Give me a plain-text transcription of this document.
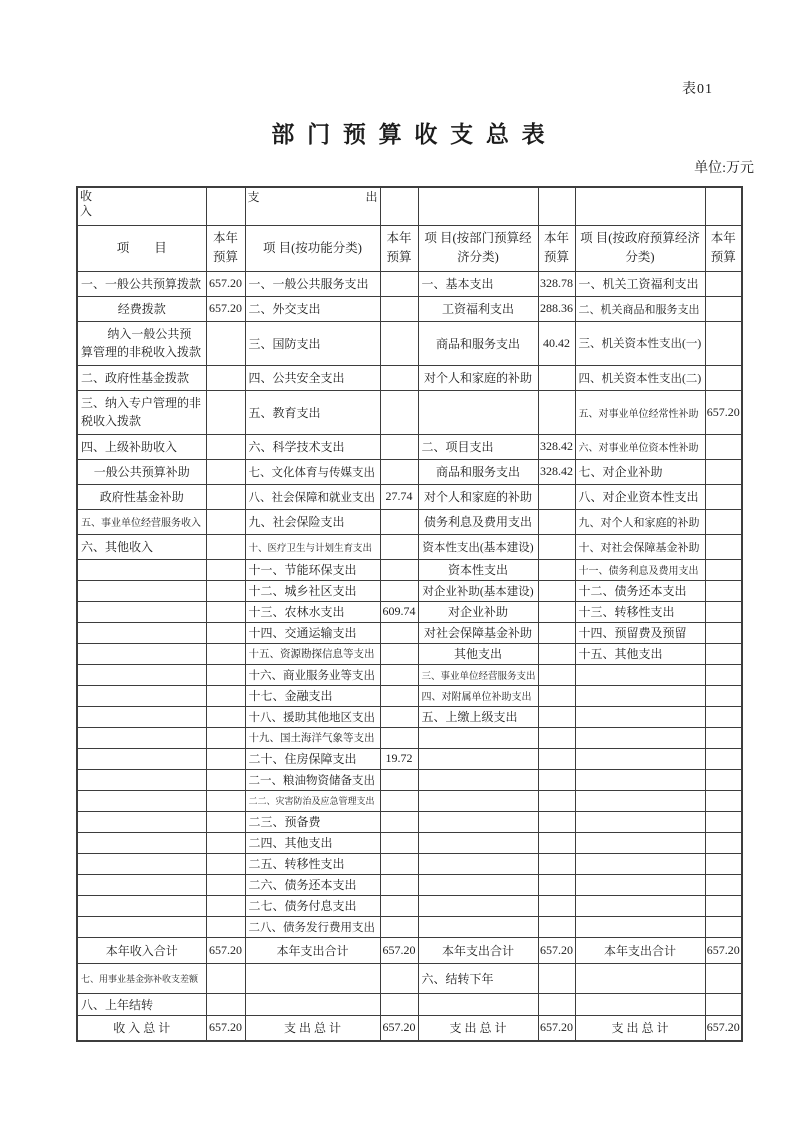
表01
部 门 预 算 收 支 总 表
单位:万元
收入		支出					
项　　目	本年预算	项 目(按功能分类)	本年预算	项 目(按部门预算经济分类)	本年预算	项 目(按政府预算经济分类)	本年预算
一、一般公共预算拨款	657.20	一、一般公共服务支出		一、基本支出	328.78	一、机关工资福利支出	
经费拨款	657.20	二、外交支出		工资福利支出	288.36	二、机关商品和服务支出	
纳入一般公共预算管理的非税收入拨款		三、国防支出		商品和服务支出	40.42	三、机关资本性支出(一)	
二、政府性基金拨款		四、公共安全支出		对个人和家庭的补助		四、机关资本性支出(二)	
三、纳入专户管理的非税收入拨款		五、教育支出				五、对事业单位经常性补助	657.20
四、上级补助收入		六、科学技术支出		二、项目支出	328.42	六、对事业单位资本性补助	
一般公共预算补助		七、文化体育与传媒支出		商品和服务支出	328.42	七、对企业补助	
政府性基金补助		八、社会保障和就业支出	27.74	对个人和家庭的补助		八、对企业资本性支出	
五、事业单位经营服务收入		九、社会保险支出		债务利息及费用支出		九、对个人和家庭的补助	
六、其他收入		十、医疗卫生与计划生育支出		资本性支出(基本建设)		十、对社会保障基金补助	
		十一、节能环保支出		资本性支出		十一、债务利息及费用支出	
		十二、城乡社区支出		对企业补助(基本建设)		十二、债务还本支出	
		十三、农林水支出	609.74	对企业补助		十三、转移性支出	
		十四、交通运输支出		对社会保障基金补助		十四、预留费及预留	
		十五、资源勘探信息等支出		其他支出		十五、其他支出	
		十六、商业服务业等支出		三、事业单位经营服务支出			
		十七、金融支出		四、对附属单位补助支出			
		十八、援助其他地区支出		五、上缴上级支出			
		十九、国土海洋气象等支出					
		二十、住房保障支出	19.72				
		二一、粮油物资储备支出					
		二二、灾害防治及应急管理支出					
		二三、预备费					
		二四、其他支出					
		二五、转移性支出					
		二六、债务还本支出					
		二七、债务付息支出					
		二八、债务发行费用支出					
本年收入合计	657.20	本年支出合计	657.20	本年支出合计	657.20	本年支出合计	657.20
七、用事业基金弥补收支差额				六、结转下年			
八、上年结转							
收 入 总 计	657.20	支 出 总 计	657.20	支 出 总 计	657.20	支 出 总 计	657.20
